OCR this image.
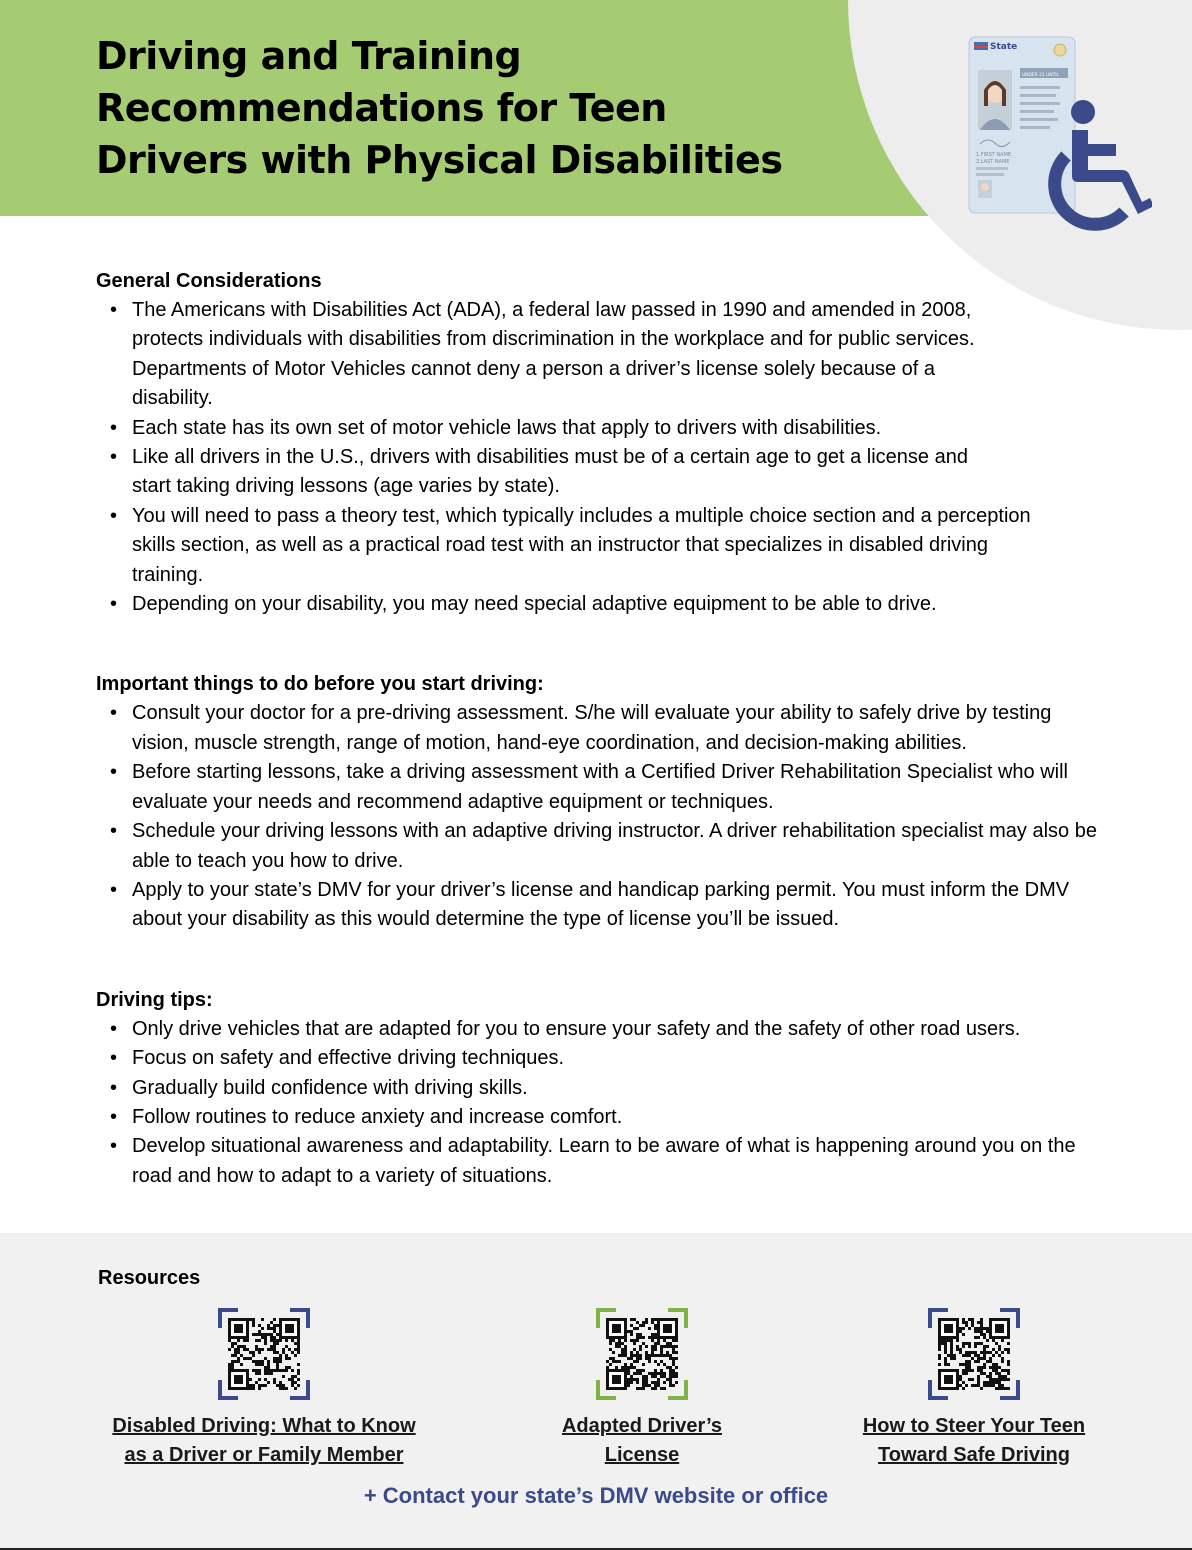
Driving and Training
Recommendations for Teen
Drivers with Physical Disabilities
State
UNDER 21 UNTIL
1.FIRST NAME
2.LAST NAME
General Considerations
• The Americans with Disabilities Act (ADA), a federal law passed in 1990 and amended in 2008, protects individuals with disabilities from discrimination in the workplace and for public services. Departments of Motor Vehicles cannot deny a person a driver’s license solely because of a disability.
• Each state has its own set of motor vehicle laws that apply to drivers with disabilities.
• Like all drivers in the U.S., drivers with disabilities must be of a certain age to get a license and start taking driving lessons (age varies by state).
• You will need to pass a theory test, which typically includes a multiple choice section and a perception skills section, as well as a practical road test with an instructor that specializes in disabled driving training.
• Depending on your disability, you may need special adaptive equipment to be able to drive.
Important things to do before you start driving:
• Consult your doctor for a pre-driving assessment. S/he will evaluate your ability to safely drive by testing vision, muscle strength, range of motion, hand-eye coordination, and decision-making abilities.
• Before starting lessons, take a driving assessment with a Certified Driver Rehabilitation Specialist who will evaluate your needs and recommend adaptive equipment or techniques.
• Schedule your driving lessons with an adaptive driving instructor. A driver rehabilitation specialist may also be able to teach you how to drive.
• Apply to your state’s DMV for your driver’s license and handicap parking permit. You must inform the DMV about your disability as this would determine the type of license you’ll be issued.
Driving tips:
• Only drive vehicles that are adapted for you to ensure your safety and the safety of other road users.
• Focus on safety and effective driving techniques.
• Gradually build confidence with driving skills.
• Follow routines to reduce anxiety and increase comfort.
• Develop situational awareness and adaptability. Learn to be aware of what is happening around you on the road and how to adapt to a variety of situations.
Resources
Disabled Driving: What to Know
as a Driver or Family Member
Adapted Driver’s
License
How to Steer Your Teen
Toward Safe Driving
+ Contact your state’s DMV website or office
